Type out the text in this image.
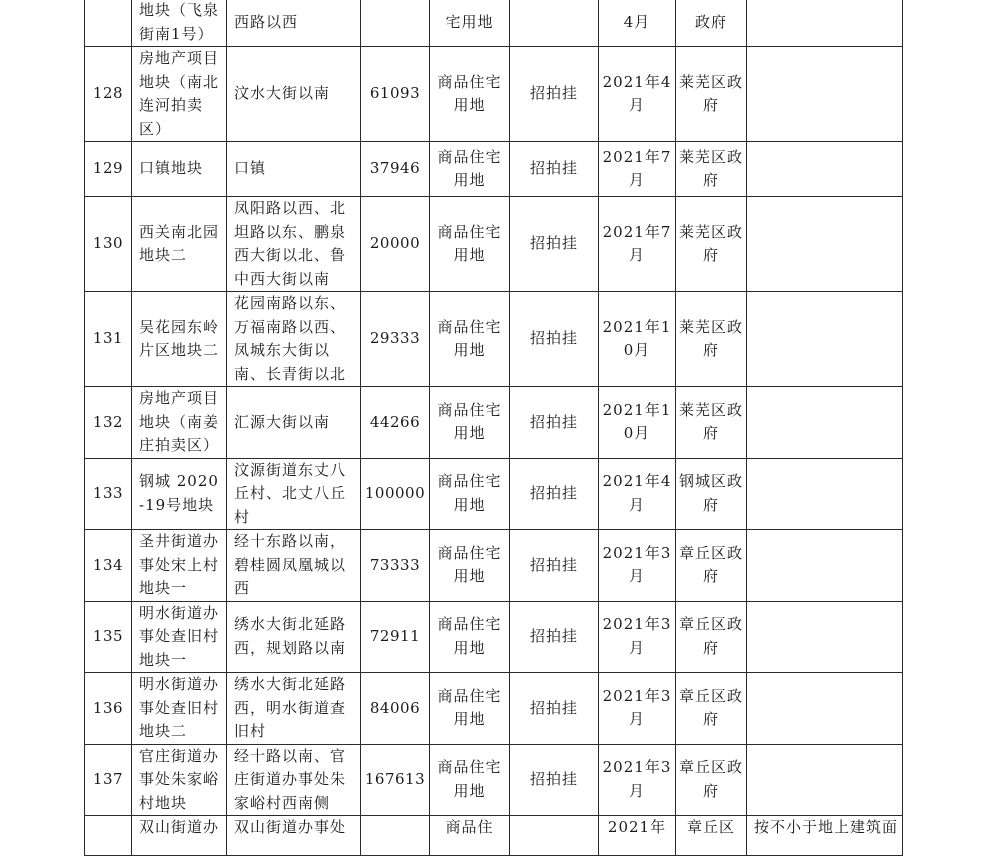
	地块（飞泉街南1号）	西路以西		宅用地		4月	政府	
128	房地产项目地块（南北连河拍卖区）	汶水大街以南	61093	商品住宅用地	招拍挂	2021年4月	莱芜区政府	
129	口镇地块	口镇	37946	商品住宅用地	招拍挂	2021年7月	莱芜区政府	
130	西关南北园地块二	凤阳路以西、北坦路以东、鹏泉西大街以北、鲁中西大街以南	20000	商品住宅用地	招拍挂	2021年7月	莱芜区政府	
131	吴花园东岭片区地块二	花园南路以东、万福南路以西、凤城东大街以南、长青街以北	29333	商品住宅用地	招拍挂	2021年10月	莱芜区政府	
132	房地产项目地块（南姜庄拍卖区）	汇源大街以南	44266	商品住宅用地	招拍挂	2021年10月	莱芜区政府	
133	钢城 2020-19号地块	汶源街道东丈八丘村、北丈八丘村	100000	商品住宅用地	招拍挂	2021年4月	钢城区政府	
134	圣井街道办事处宋上村地块一	经十东路以南，碧桂圆凤凰城以西	73333	商品住宅用地	招拍挂	2021年3月	章丘区政府	
135	明水街道办事处查旧村地块一	绣水大街北延路西，规划路以南	72911	商品住宅用地	招拍挂	2021年3月	章丘区政府	
136	明水街道办事处查旧村地块二	绣水大街北延路西，明水街道查旧村	84006	商品住宅用地	招拍挂	2021年3月	章丘区政府	
137	官庄街道办事处朱家峪村地块	经十路以南、官庄街道办事处朱家峪村西南侧	167613	商品住宅用地	招拍挂	2021年3月	章丘区政府	
	双山街道办	双山街道办事处		商品住		2021年	章丘区	按不小于地上建筑面
